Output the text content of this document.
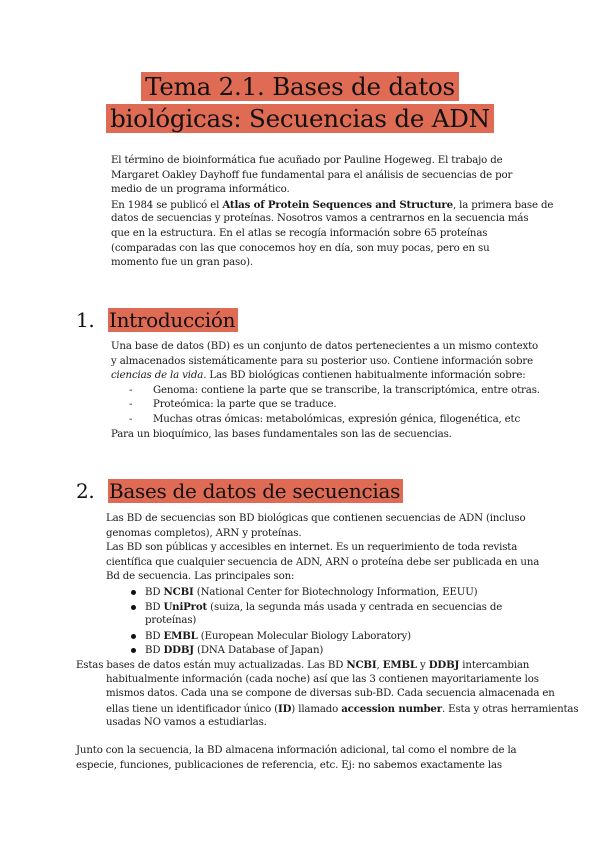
Tema 2.1. Bases de datos
biológicas: Secuencias de ADN
El término de bioinformática fue acuñado por Pauline Hogeweg. El trabajo de
Margaret Oakley Dayhoff fue fundamental para el análisis de secuencias de por
medio de un programa informático.
En 1984 se publicó el Atlas of Protein Sequences and Structure, la primera base de
datos de secuencias y proteínas. Nosotros vamos a centrarnos en la secuencia más
que en la estructura. En el atlas se recogía información sobre 65 proteínas
(comparadas con las que conocemos hoy en día, son muy pocas, pero en su
momento fue un gran paso).
1. Introducción
Una base de datos (BD) es un conjunto de datos pertenecientes a un mismo contexto
y almacenados sistemáticamente para su posterior uso. Contiene información sobre
ciencias de la vida. Las BD biológicas contienen habitualmente información sobre:
- Genoma: contiene la parte que se transcribe, la transcriptómica, entre otras.
- Proteómica: la parte que se traduce.
- Muchas otras ómicas: metabolómicas, expresión génica, filogenética, etc
Para un bioquímico, las bases fundamentales son las de secuencias.
2. Bases de datos de secuencias
Las BD de secuencias son BD biológicas que contienen secuencias de ADN (incluso
genomas completos), ARN y proteínas.
Las BD son públicas y accesibles en internet. Es un requerimiento de toda revista
científica que cualquier secuencia de ADN, ARN o proteína debe ser publicada en una
Bd de secuencia. Las principales son:
BD NCBI (National Center for Biotechnology Information, EEUU)
BD UniProt (suiza, la segunda más usada y centrada en secuencias de
proteínas)
BD EMBL (European Molecular Biology Laboratory)
BD DDBJ (DNA Database of Japan)
Estas bases de datos están muy actualizadas. Las BD NCBI, EMBL y DDBJ intercambian
habitualmente información (cada noche) así que las 3 contienen mayoritariamente los
mismos datos. Cada una se compone de diversas sub-BD. Cada secuencia almacenada en
ellas tiene un identificador único (ID) llamado accession number. Esta y otras herramientas
usadas NO vamos a estudiarlas.
Junto con la secuencia, la BD almacena información adicional, tal como el nombre de la
especie, funciones, publicaciones de referencia, etc. Ej: no sabemos exactamente las
